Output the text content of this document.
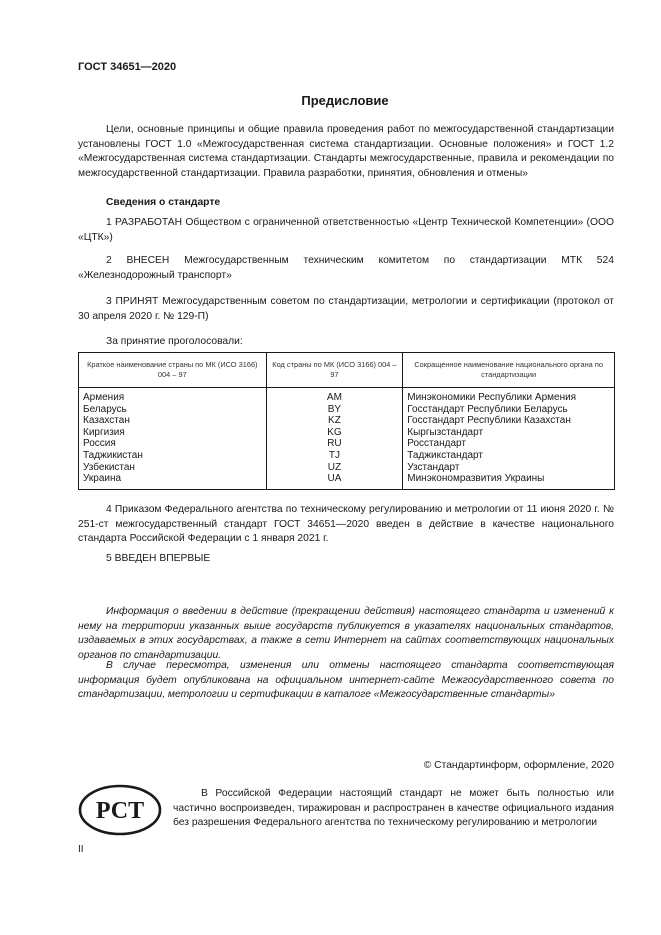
ГОСТ 34651—2020
Предисловие

Цели, основные принципы и общие правила проведения работ по межгосударственной стандартизации установлены ГОСТ 1.0 «Межгосударственная система стандартизации. Основные положения» и ГОСТ 1.2 «Межгосударственная система стандартизации. Стандарты межгосударственные, правила и рекомендации по межгосударственной стандартизации. Правила разработки, принятия, обновления и отмены»

Сведения о стандарте

1 РАЗРАБОТАН Обществом с ограниченной ответственностью «Центр Технической Компетенции» (ООО «ЦТК»)

2 ВНЕСЕН Межгосударственным техническим комитетом по стандартизации МТК 524 «Железнодорожный транспорт»

3 ПРИНЯТ Межгосударственным советом по стандартизации, метрологии и сертификации (протокол от 30 апреля 2020 г. № 129-П)

За принятие проголосовали:
Краткое наименование страны по МК (ИСО 3166) 004 – 97	Код страны по МК (ИСО 3166) 004 – 97	Сокращенное наименование национального органа по стандартизации
Армения	AM	Минэкономики Республики Армения
Беларусь	BY	Госстандарт Республики Беларусь
Казахстан	KZ	Госстандарт Республики Казахстан
Киргизия	KG	Кыргызстандарт
Россия	RU	Росстандарт
Таджикистан	TJ	Таджикстандарт
Узбекистан	UZ	Узстандарт
Украина	UA	Минэкономразвития Украины

4 Приказом Федерального агентства по техническому регулированию и метрологии от 11 июня 2020 г. № 251-ст межгосударственный стандарт ГОСТ 34651—2020 введен в действие в качестве национального стандарта Российской Федерации с 1 января 2021 г.

5 ВВЕДЕН ВПЕРВЫЕ

Информация о введении в действие (прекращении действия) настоящего стандарта и изменений к нему на территории указанных выше государств публикуется в указателях национальных стандартов, издаваемых в этих государствах, а также в сети Интернет на сайтах соответствующих национальных органов по стандартизации.

В случае пересмотра, изменения или отмены настоящего стандарта соответствующая информация будет опубликована на официальном интернет-сайте Межгосударственного совета по стандартизации, метрологии и сертификации в каталоге «Межгосударственные стандарты»

© Стандартинформ, оформление, 2020
РСТ

В Российской Федерации настоящий стандарт не может быть полностью или частично воспроизведен, тиражирован и распространен в качестве официального издания без разрешения Федерального агентства по техническому регулированию и метрологии

II
